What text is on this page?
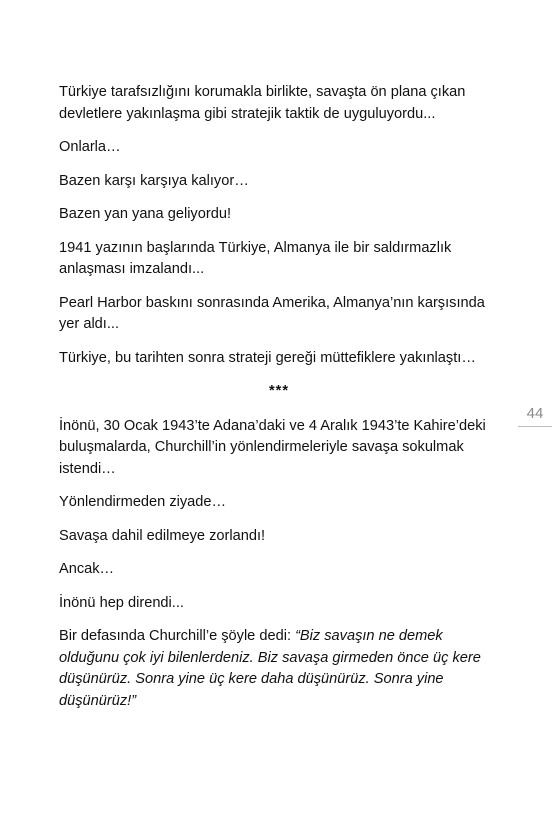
Türkiye tarafsızlığını korumakla birlikte, savaşta ön plana çıkan devletlere yakınlaşma gibi stratejik taktik de uyguluyordu...

Onlarla…

Bazen karşı karşıya kalıyor…

Bazen yan yana geliyordu!

1941 yazının başlarında Türkiye, Almanya ile bir saldırmazlık anlaşması imzalandı...

Pearl Harbor baskını sonrasında Amerika, Almanya’nın karşısında yer aldı...

Türkiye, bu tarihten sonra strateji gereği müttefiklere yakınlaştı…

***

İnönü, 30 Ocak 1943’te Adana’daki ve 4 Aralık 1943’te Kahire’deki buluşmalarda, Churchill’in yönlendirmeleriyle savaşa sokulmak istendi…

Yönlendirmeden ziyade…

Savaşa dahil edilmeye zorlandı!

Ancak…

İnönü hep direndi...

Bir defasında Churchill’e şöyle dedi: “Biz savaşın ne demek olduğunu çok iyi bilenlerdeniz. Biz savaşa girmeden önce üç kere düşünürüz. Sonra yine üç kere daha düşünürüz. Sonra yine düşünürüz!”

44
